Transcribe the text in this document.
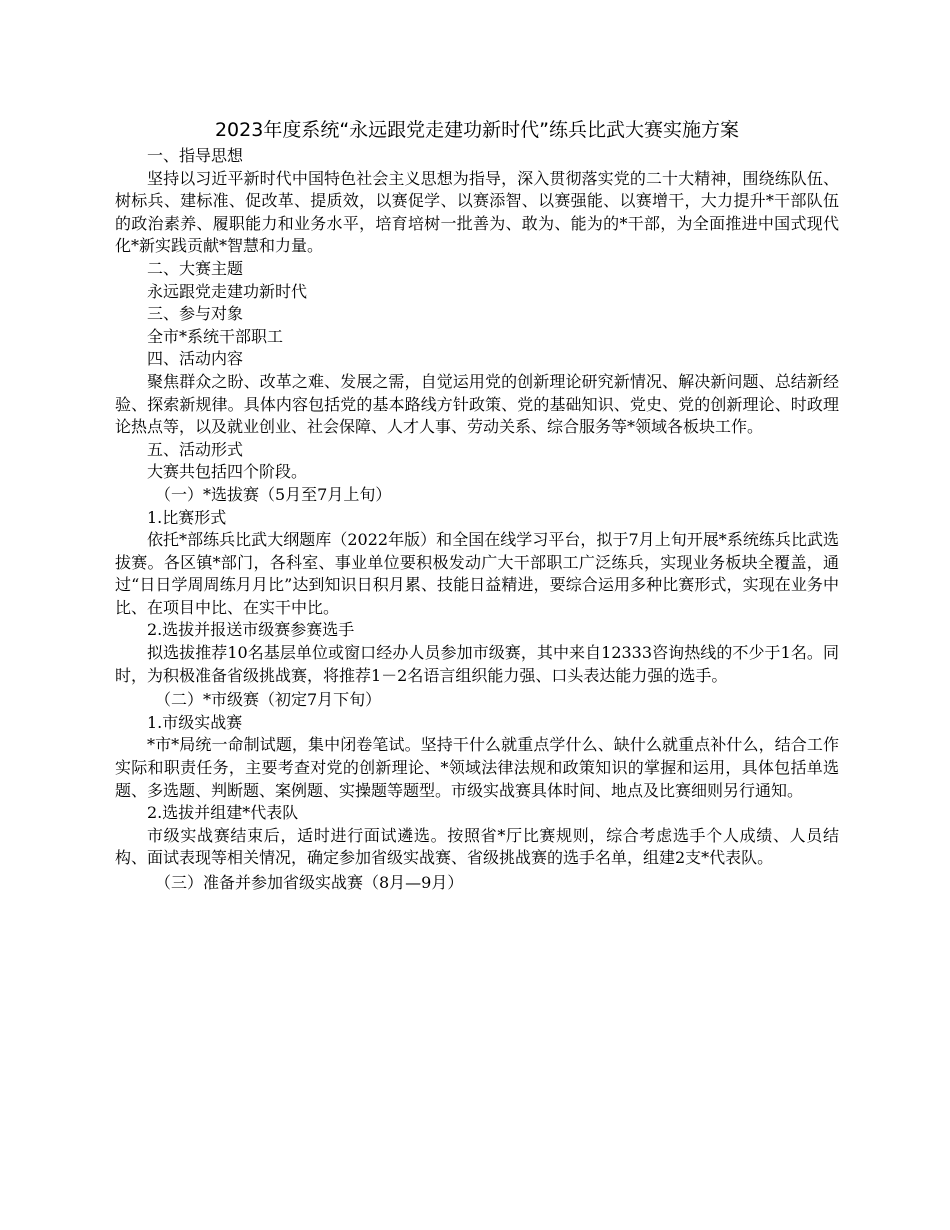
2023年度系统“永远跟党走建功新时代”练兵比武大赛实施方案

一、指导思想

坚持以习近平新时代中国特色社会主义思想为指导，深入贯彻落实党的二十大精神，围绕练队伍、树标兵、建标准、促改革、提质效，以赛促学、以赛添智、以赛强能、以赛增干，大力提升*干部队伍的政治素养、履职能力和业务水平，培育培树一批善为、敢为、能为的*干部，为全面推进中国式现代化*新实践贡献*智慧和力量。

二、大赛主题

永远跟党走建功新时代

三、参与对象

全市*系统干部职工

四、活动内容

聚焦群众之盼、改革之难、发展之需，自觉运用党的创新理论研究新情况、解决新问题、总结新经验、探索新规律。具体内容包括党的基本路线方针政策、党的基础知识、党史、党的创新理论、时政理论热点等，以及就业创业、社会保障、人才人事、劳动关系、综合服务等*领域各板块工作。

五、活动形式

大赛共包括四个阶段。

（一）*选拔赛（5月至7月上旬）

1.比赛形式

依托*部练兵比武大纲题库（2022年版）和全国在线学习平台，拟于7月上旬开展*系统练兵比武选拔赛。各区镇*部门，各科室、事业单位要积极发动广大干部职工广泛练兵，实现业务板块全覆盖，通过“日日学周周练月月比”达到知识日积月累、技能日益精进，要综合运用多种比赛形式，实现在业务中比、在项目中比、在实干中比。

2.选拔并报送市级赛参赛选手

拟选拔推荐10名基层单位或窗口经办人员参加市级赛，其中来自12333咨询热线的不少于1名。同时，为积极准备省级挑战赛，将推荐1－2名语言组织能力强、口头表达能力强的选手。

（二）*市级赛（初定7月下旬）

1.市级实战赛

*市*局统一命制试题，集中闭卷笔试。坚持干什么就重点学什么、缺什么就重点补什么，结合工作实际和职责任务，主要考查对党的创新理论、*领域法律法规和政策知识的掌握和运用，具体包括单选题、多选题、判断题、案例题、实操题等题型。市级实战赛具体时间、地点及比赛细则另行通知。

2.选拔并组建*代表队

市级实战赛结束后，适时进行面试遴选。按照省*厅比赛规则，综合考虑选手个人成绩、人员结构、面试表现等相关情况，确定参加省级实战赛、省级挑战赛的选手名单，组建2支*代表队。

（三）准备并参加省级实战赛（8月—9月）
